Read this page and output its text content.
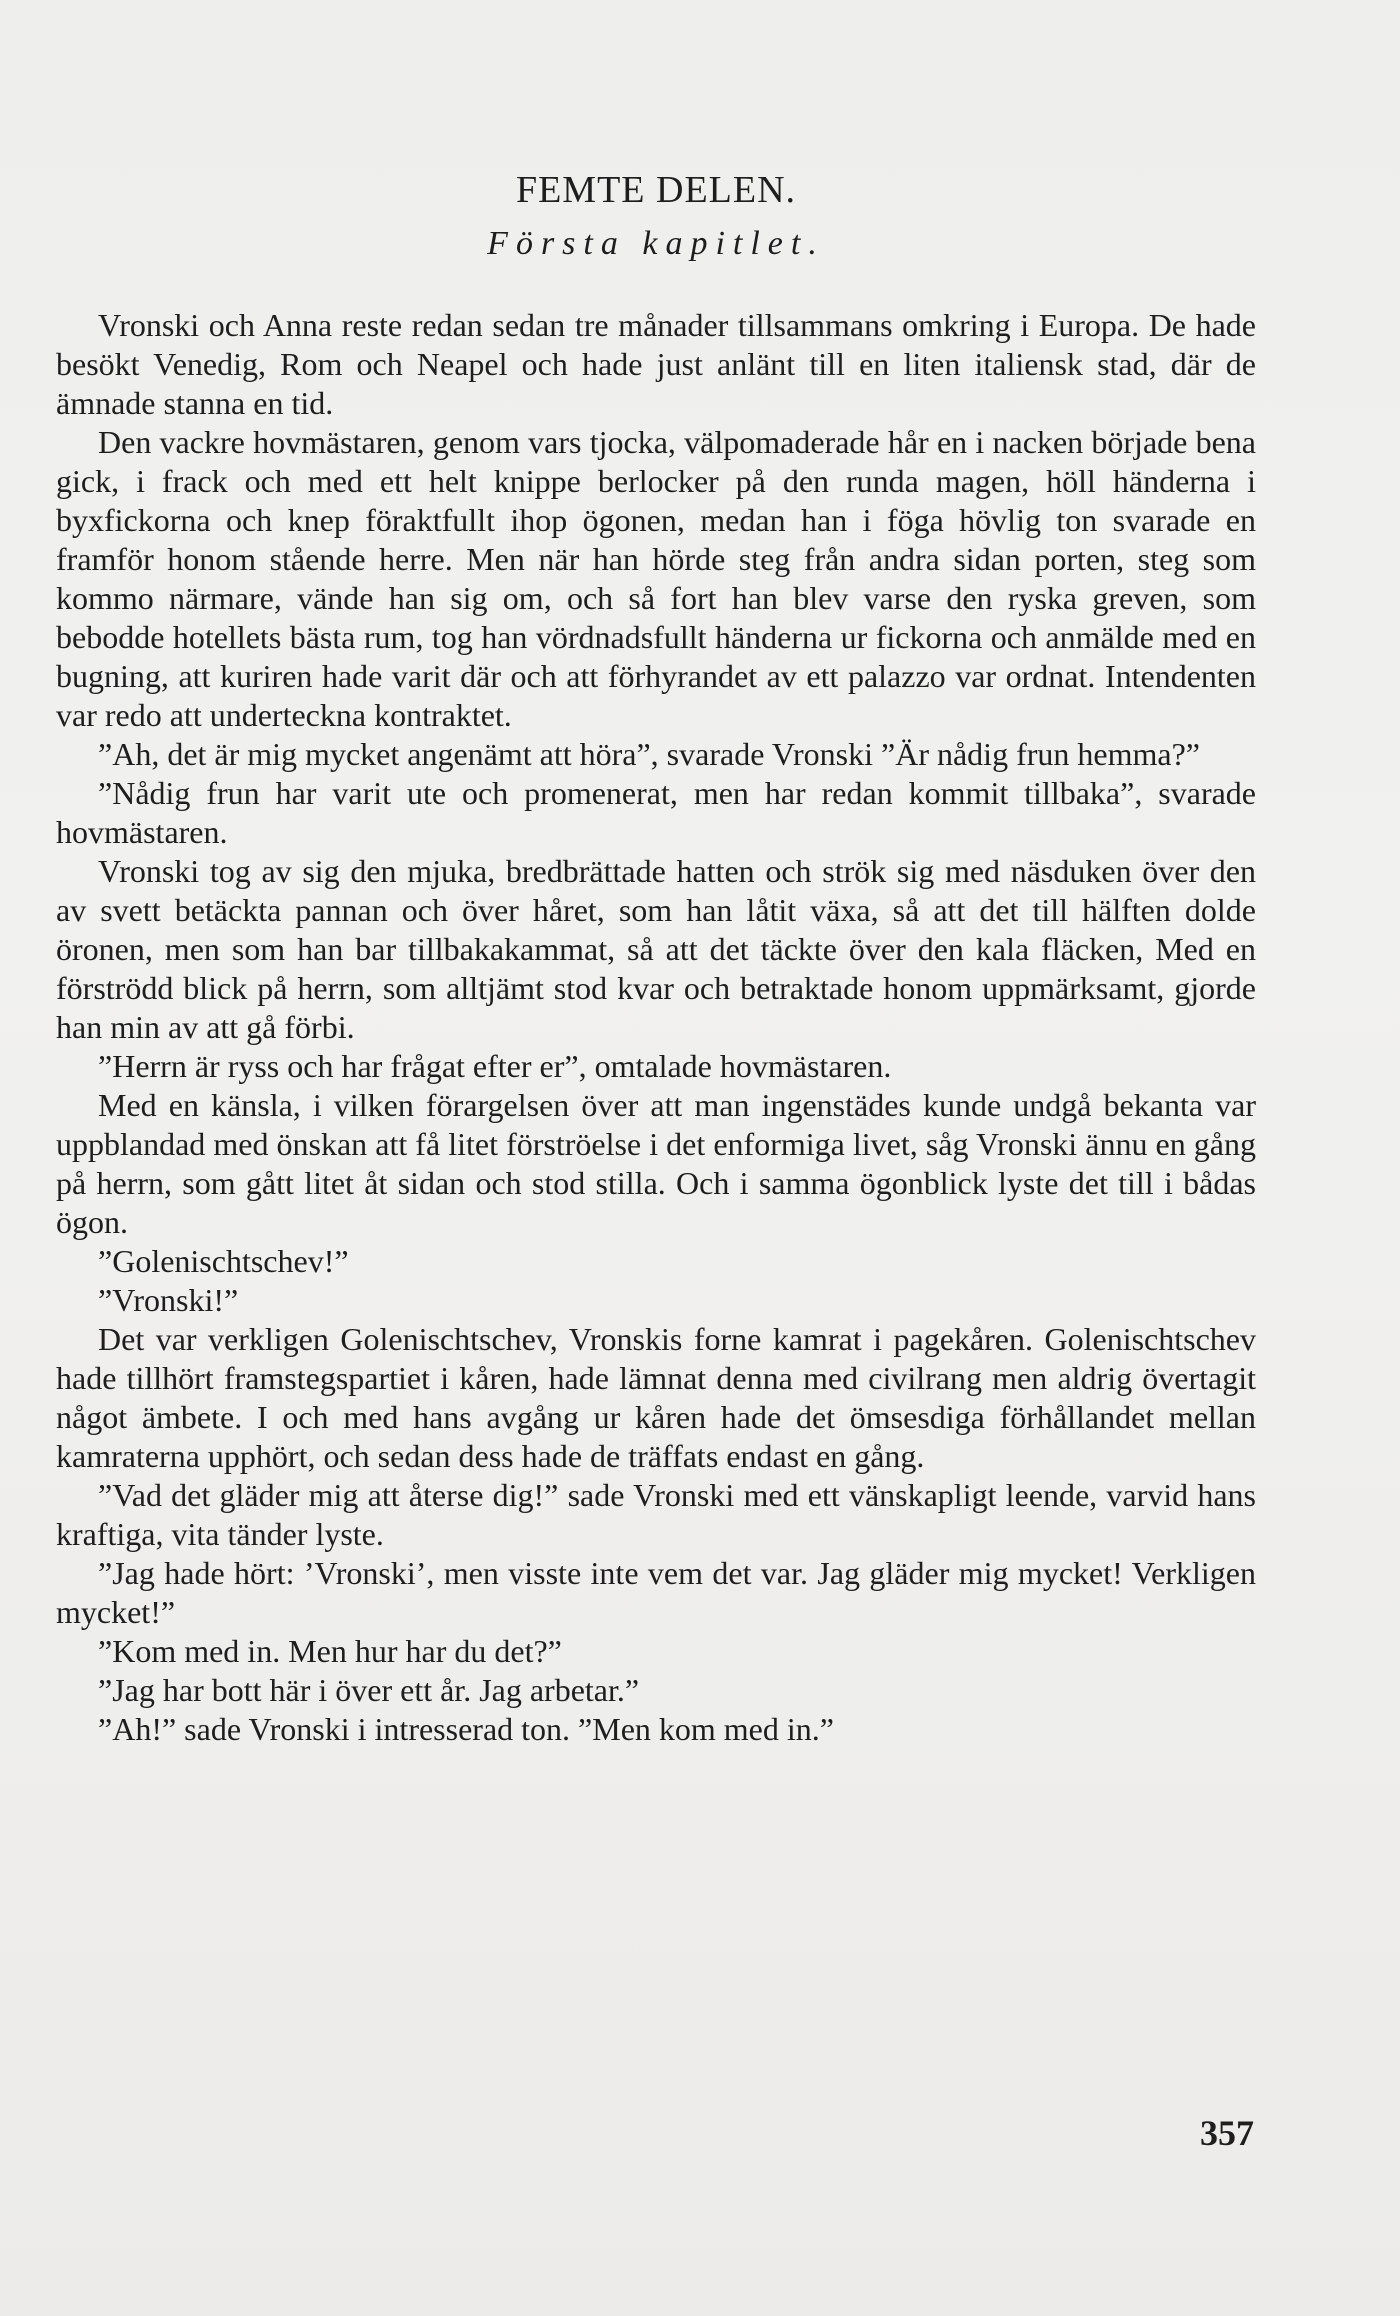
FEMTE DELEN.
Första kapitlet.

Vronski och Anna reste redan sedan tre månader tillsammans omkring i Europa. De hade besökt Venedig, Rom och Neapel och hade just anlänt till en liten italiensk stad, där de ämnade stanna en tid.

Den vackre hovmästaren, genom vars tjocka, välpomaderade hår en i nacken började bena gick, i frack och med ett helt knippe berlocker på den runda magen, höll händerna i byxfickorna och knep föraktfullt ihop ögonen, medan han i föga hövlig ton svarade en framför honom stående herre. Men när han hörde steg från andra sidan porten, steg som kommo närmare, vände han sig om, och så fort han blev varse den ryska greven, som bebodde hotellets bästa rum, tog han vördnadsfullt händerna ur fickorna och anmälde med en bugning, att kuriren hade varit där och att förhyrandet av ett palazzo var ordnat. Intendenten var redo att underteckna kontraktet.

”Ah, det är mig mycket angenämt att höra”, svarade Vronski ”Är nådig frun hemma?”

”Nådig frun har varit ute och promenerat, men har redan kommit tillbaka”, svarade hovmästaren.

Vronski tog av sig den mjuka, bredbrättade hatten och strök sig med näsduken över den av svett betäckta pannan och över håret, som han låtit växa, så att det till hälften dolde öronen, men som han bar tillbakakammat, så att det täckte över den kala fläcken, Med en förströdd blick på herrn, som alltjämt stod kvar och betraktade honom uppmärksamt, gjorde han min av att gå förbi.

”Herrn är ryss och har frågat efter er”, omtalade hovmästaren.

Med en känsla, i vilken förargelsen över att man ingenstädes kunde undgå bekanta var uppblandad med önskan att få litet förströelse i det enformiga livet, såg Vronski ännu en gång på herrn, som gått litet åt sidan och stod stilla. Och i samma ögonblick lyste det till i bådas ögon.

”Golenischtschev!”

”Vronski!”

Det var verkligen Golenischtschev, Vronskis forne kamrat i pagekåren. Golenischtschev hade tillhört framstegspartiet i kåren, hade lämnat denna med civilrang men aldrig övertagit något ämbete. I och med hans avgång ur kåren hade det ömsesdiga förhållandet mellan kamraterna upphört, och sedan dess hade de träffats endast en gång.

”Vad det gläder mig att återse dig!” sade Vronski med ett vänskapligt leende, varvid hans kraftiga, vita tänder lyste.

”Jag hade hört: ’Vronski’, men visste inte vem det var. Jag gläder mig mycket! Verkligen mycket!”

”Kom med in. Men hur har du det?”

”Jag har bott här i över ett år. Jag arbetar.”

”Ah!” sade Vronski i intresserad ton. ”Men kom med in.”

357
